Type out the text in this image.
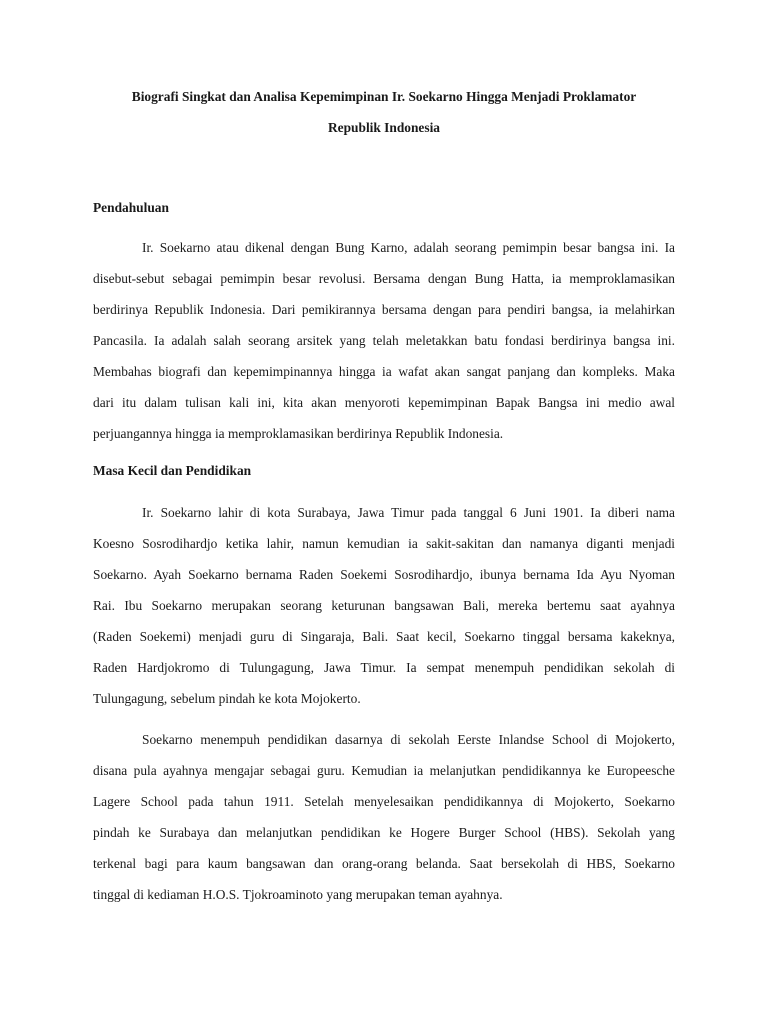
Biografi Singkat dan Analisa Kepemimpinan Ir. Soekarno Hingga Menjadi Proklamator
Republik Indonesia
Pendahuluan
Ir. Soekarno atau dikenal dengan Bung Karno, adalah seorang pemimpin besar bangsa ini. Ia
disebut-sebut sebagai pemimpin besar revolusi. Bersama dengan Bung Hatta, ia memproklamasikan
berdirinya Republik Indonesia. Dari pemikirannya bersama dengan para pendiri bangsa, ia melahirkan
Pancasila. Ia adalah salah seorang arsitek yang telah meletakkan batu fondasi berdirinya bangsa ini.
Membahas biografi dan kepemimpinannya hingga ia wafat akan sangat panjang dan kompleks. Maka
dari itu dalam tulisan kali ini, kita akan menyoroti kepemimpinan Bapak Bangsa ini medio awal
perjuangannya hingga ia memproklamasikan berdirinya Republik Indonesia.
Masa Kecil dan Pendidikan
Ir. Soekarno lahir di kota Surabaya, Jawa Timur pada tanggal 6 Juni 1901. Ia diberi nama
Koesno Sosrodihardjo ketika lahir, namun kemudian ia sakit-sakitan dan namanya diganti menjadi
Soekarno. Ayah Soekarno bernama Raden Soekemi Sosrodihardjo, ibunya bernama Ida Ayu Nyoman
Rai. Ibu Soekarno merupakan seorang keturunan bangsawan Bali, mereka bertemu saat ayahnya
(Raden Soekemi) menjadi guru di Singaraja, Bali. Saat kecil, Soekarno tinggal bersama kakeknya,
Raden Hardjokromo di Tulungagung, Jawa Timur. Ia sempat menempuh pendidikan sekolah di
Tulungagung, sebelum pindah ke kota Mojokerto.
Soekarno menempuh pendidikan dasarnya di sekolah Eerste Inlandse School di Mojokerto,
disana pula ayahnya mengajar sebagai guru. Kemudian ia melanjutkan pendidikannya ke Europeesche
Lagere School pada tahun 1911. Setelah menyelesaikan pendidikannya di Mojokerto, Soekarno
pindah ke Surabaya dan melanjutkan pendidikan ke Hogere Burger School (HBS). Sekolah yang
terkenal bagi para kaum bangsawan dan orang-orang belanda. Saat bersekolah di HBS, Soekarno
tinggal di kediaman H.O.S. Tjokroaminoto yang merupakan teman ayahnya.
